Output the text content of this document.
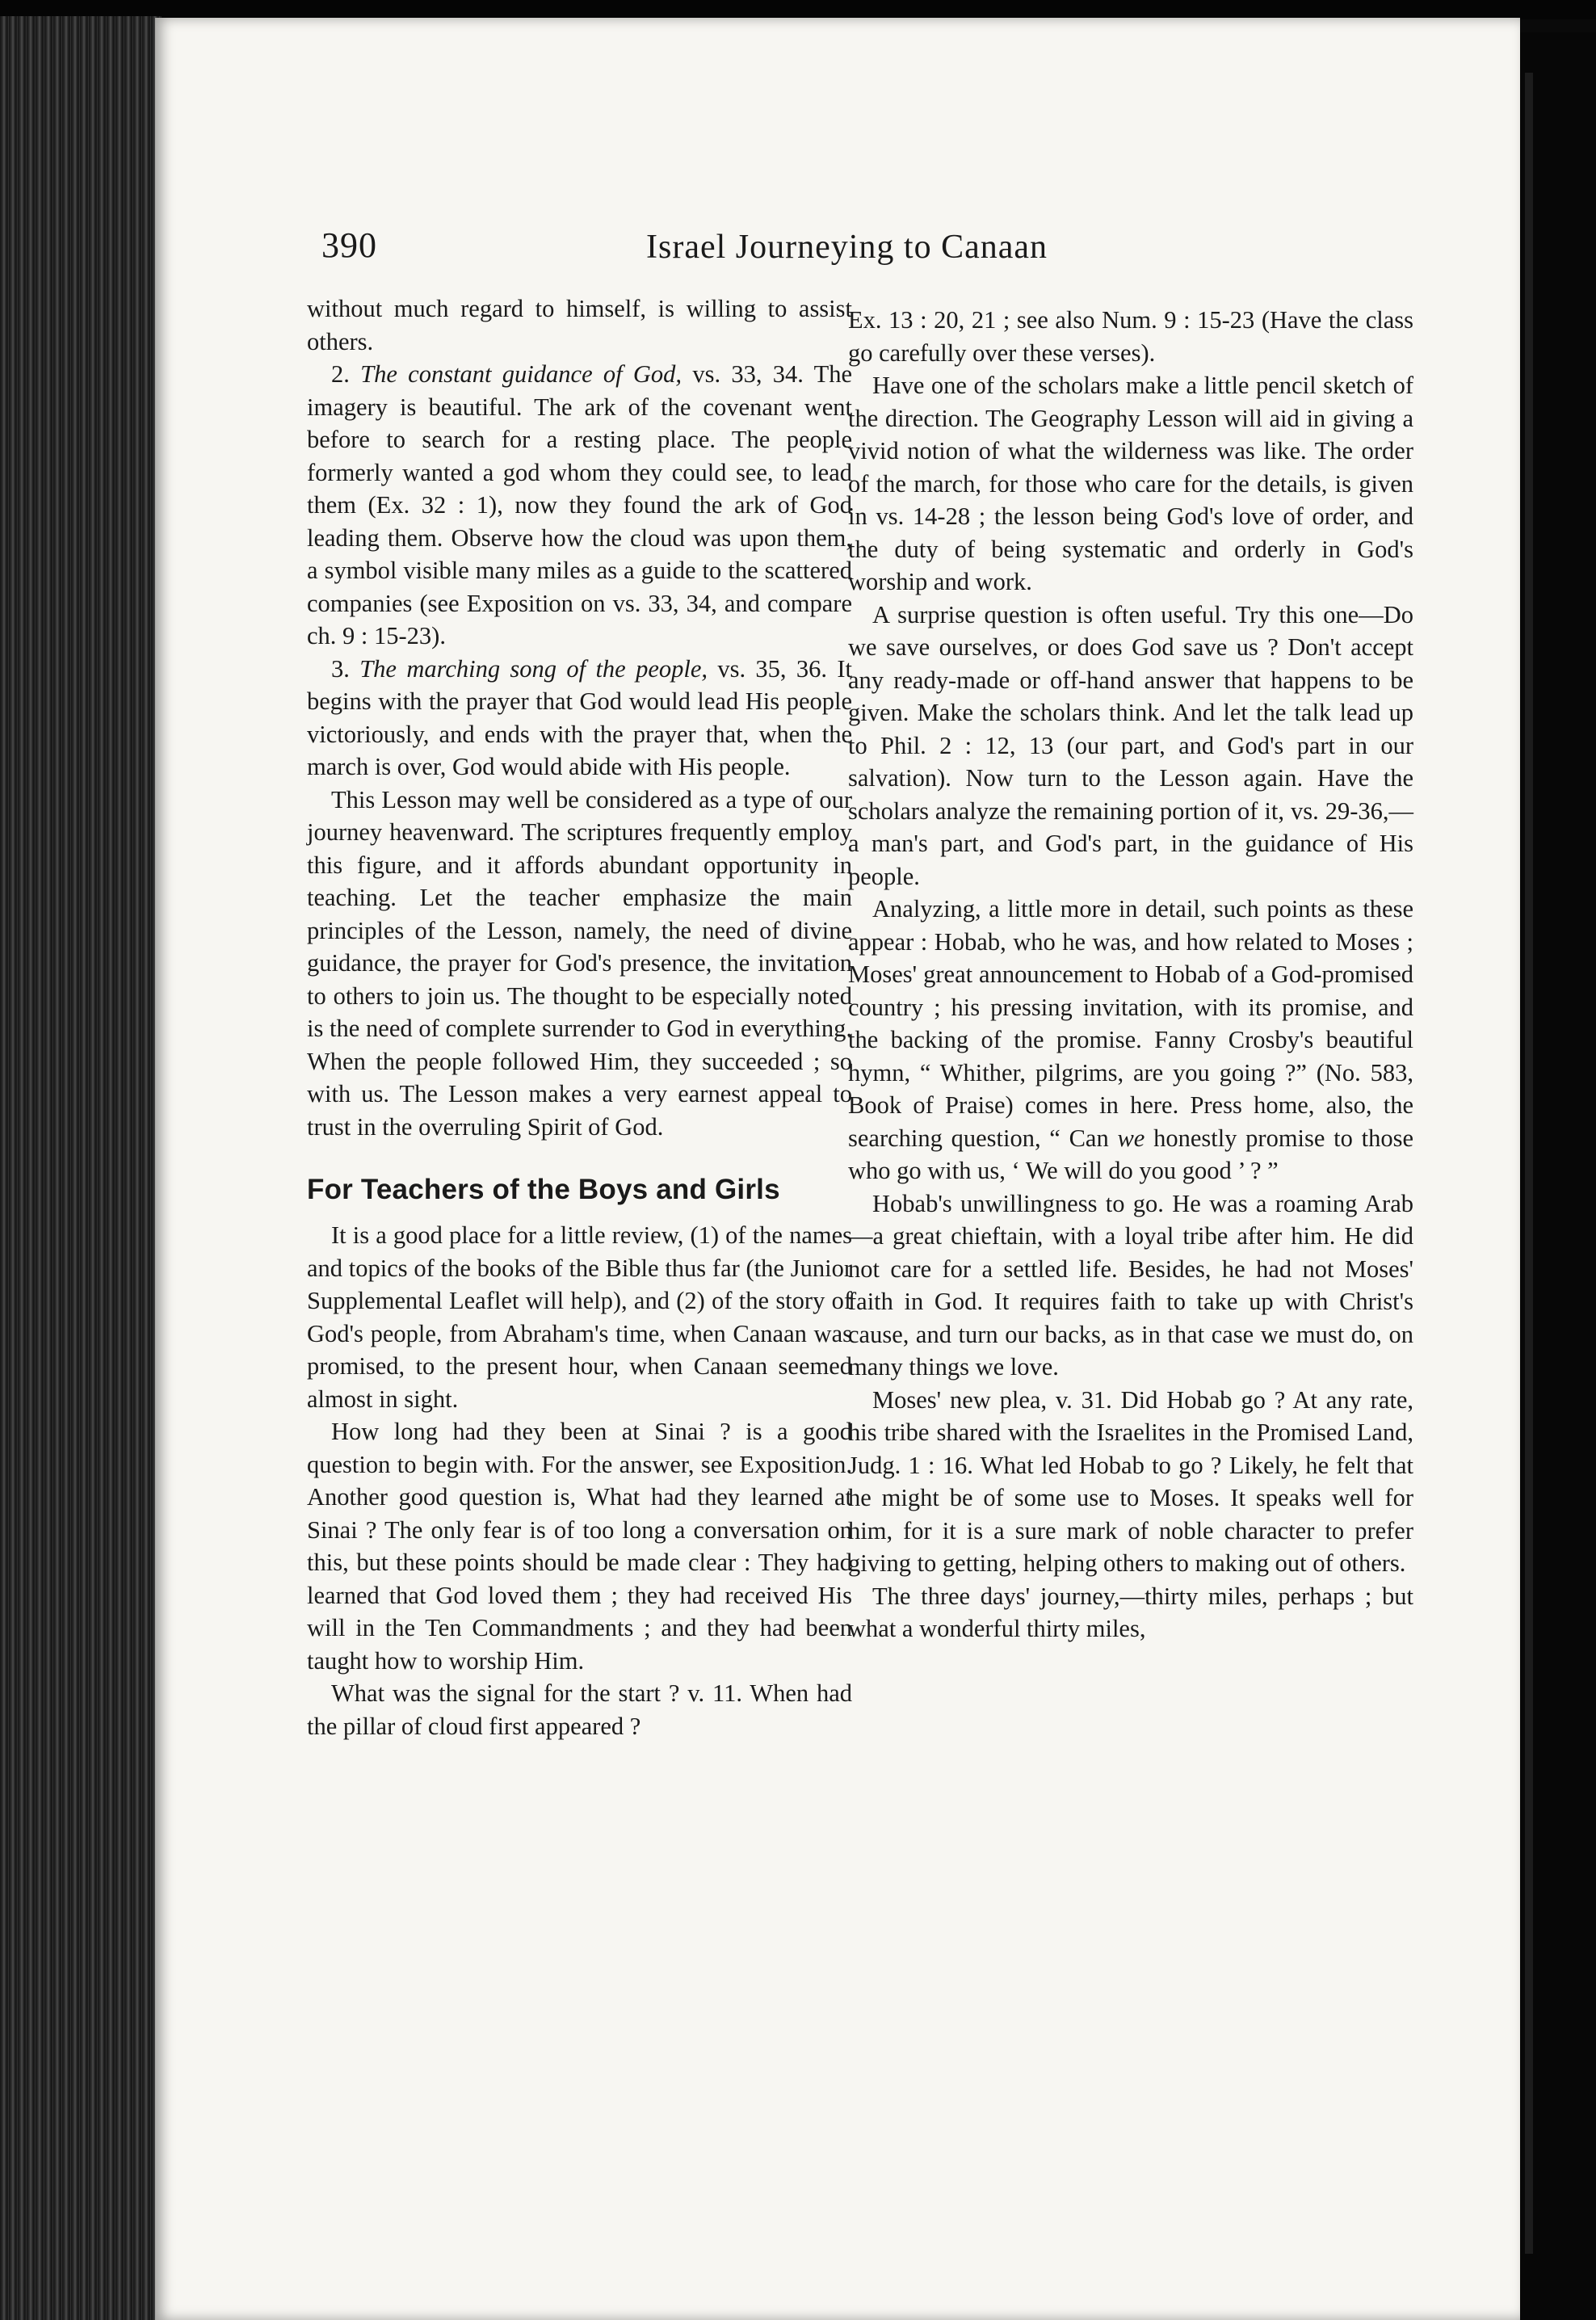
390	Israel Journeying to Canaan

without much regard to himself, is willing to assist others.

2. The constant guidance of God, vs. 33, 34. The imagery is beautiful. The ark of the covenant went before to search for a resting place. The people formerly wanted a god whom they could see, to lead them (Ex. 32 : 1), now they found the ark of God leading them. Observe how the cloud was upon them, a symbol visible many miles as a guide to the scattered companies (see Exposition on vs. 33, 34, and compare ch. 9 : 15-23).

3. The marching song of the people, vs. 35, 36. It begins with the prayer that God would lead His people victoriously, and ends with the prayer that, when the march is over, God would abide with His people.

This Lesson may well be considered as a type of our journey heavenward. The scriptures frequently employ this figure, and it affords abundant opportunity in teaching. Let the teacher emphasize the main principles of the Lesson, namely, the need of divine guidance, the prayer for God's presence, the invitation to others to join us. The thought to be especially noted is the need of complete surrender to God in everything. When the people followed Him, they succeeded ; so with us. The Lesson makes a very earnest appeal to trust in the overruling Spirit of God.

For Teachers of the Boys and Girls

It is a good place for a little review, (1) of the names and topics of the books of the Bible thus far (the Junior Supplemental Leaflet will help), and (2) of the story of God's people, from Abraham's time, when Canaan was promised, to the present hour, when Canaan seemed almost in sight.

How long had they been at Sinai ? is a good question to begin with. For the answer, see Exposition. Another good question is, What had they learned at Sinai ? The only fear is of too long a conversation on this, but these points should be made clear : They had learned that God loved them ; they had received His will in the Ten Commandments ; and they had been taught how to worship Him.

What was the signal for the start ? v. 11. When had the pillar of cloud first appeared ?

Ex. 13 : 20, 21 ; see also Num. 9 : 15-23 (Have the class go carefully over these verses).

Have one of the scholars make a little pencil sketch of the direction. The Geography Lesson will aid in giving a vivid notion of what the wilderness was like. The order of the march, for those who care for the details, is given in vs. 14-28 ; the lesson being God's love of order, and the duty of being systematic and orderly in God's worship and work.

A surprise question is often useful. Try this one—Do we save ourselves, or does God save us ? Don't accept any ready-made or off-hand answer that happens to be given. Make the scholars think. And let the talk lead up to Phil. 2 : 12, 13 (our part, and God's part in our salvation). Now turn to the Lesson again. Have the scholars analyze the remaining portion of it, vs. 29-36,—a man's part, and God's part, in the guidance of His people.

Analyzing, a little more in detail, such points as these appear : Hobab, who he was, and how related to Moses ; Moses' great announcement to Hobab of a God-promised country ; his pressing invitation, with its promise, and the backing of the promise. Fanny Crosby's beautiful hymn, “ Whither, pilgrims, are you going ?” (No. 583, Book of Praise) comes in here. Press home, also, the searching question, “ Can we honestly promise to those who go with us, ‘ We will do you good ’ ? ”

Hobab's unwillingness to go. He was a roaming Arab—a great chieftain, with a loyal tribe after him. He did not care for a settled life. Besides, he had not Moses' faith in God. It requires faith to take up with Christ's cause, and turn our backs, as in that case we must do, on many things we love.

Moses' new plea, v. 31. Did Hobab go ? At any rate, his tribe shared with the Israelites in the Promised Land, Judg. 1 : 16. What led Hobab to go ? Likely, he felt that he might be of some use to Moses. It speaks well for him, for it is a sure mark of noble character to prefer giving to getting, helping others to making out of others.

The three days' journey,—thirty miles, perhaps ; but what a wonderful thirty miles,
